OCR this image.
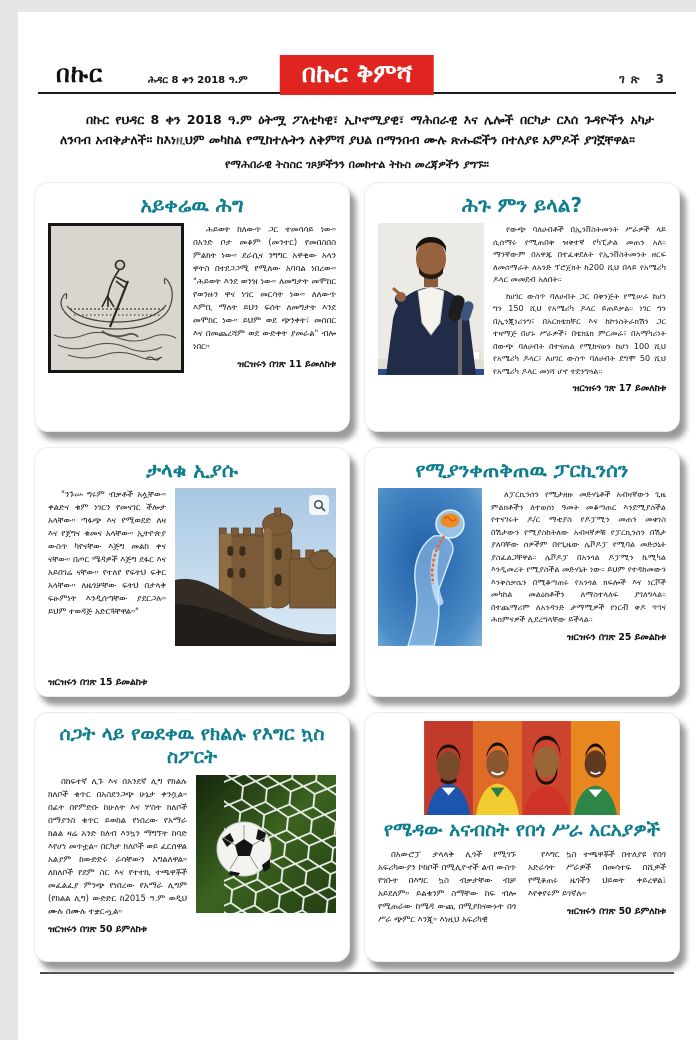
በኩር	ሕዳር 8 ቀን 2018 ዓ.ም	በኩር ቅምሻ	ገጽ 3

በኩር የህዳር 8 ቀን 2018 ዓ.ም ዕትሟ ፖለቲካዊ፣ ኢኮኖሚያዊ፣ ማሕበራዊ እና ሌሎች በርካታ ርእሰ ጉዳዮችን አካታ ለንባብ አብቅታለች። ከእነዚህም መካከል የሚከተሉትን ለቅምሻ ያህል በማንበብ ሙሉ ጽሑፎችን በተለያዩ አምዶች ያገኟቸዋል።

የማሕበራዊ ትስስር ገጾቻችንን በመከተል ትኩስ መረጃዎችን ያግኙ።

አይቀሬዉ ሕግ

ሕይወት ከለውጥ ጋር ተመሳሳይ ነው። በአንድ ቦታ መቆም (መንተር) የመበስበስ ምልክት ነው። ደራሲና ንግግር አዋቂው አላን ዋትስ በተደጋጋሚ የሚለው አባባል ነበረው። "ሕይወት እንደ ወንዝ ነው። ለመግታት መሞከር የወንዙን ዋና ነገር መርሳት ነው። ለለውጥ እምቢ ማለት ይህን ፍሰት ለመግታት እንደ መሞከር ነው። ይህም ወደ ጭንቀት፣ መሰበር እና በመጨረሻም ወደ ውድቀት ያመራል" ብሎ ነበር።

ዝርዝሩን በገጽ 11 ይመለከቱ
ሕጉ ምን ይላል?

የውጭ ባለሀብቶች በኢንቨስትመንት ሥራዎች ላይ ሲሰማሩ የሚጠበቅ ዝቅተኛ የካፒታል መጠን አለ። ማንኛውም በአዋጁ በተፈቀደለት የኢንቨስትመንት ዘርፍ ለመሰማራት ለአንድ ፕሮጀክት ከ200 ሺህ በላይ የአሜሪካ ዶላር መመደብ አለበት።

ከሀገር ውስጥ ባለሀብት ጋር በቅንጅት የሚሠራ ከሆነ ግን 150 ሺህ የአሜሪካ ዶላር ይጠይቃል። ነገር ግን በኢንጂነሪንግ፣ በአርክቴክቸር እና ከኮንስትራክሽን ጋር ተዛማጅ በሆኑ ሥራዎች፣ በቴክኒክ ምርመራ፣ በአማካሪነት በውጭ ባለሀብት በተናጠል የሚከናወን ከሆነ 100 ሺህ የአሜሪካ ዶላር፣ ለሀገር ውስጥ ባለሀብት ደግሞ 50 ሺህ የአሜሪካ ዶላር መነሻ ሆኖ ተደንግጓል።

ዝርዝሩን ገጽ 17 ይመለከቱ
ታላቁ ኢያሱ

"ንጉሡ ግሩም ብቃቶች አሏቸው። ቀልድና ቁም ነገርን የመናገር ችሎታ አላቸው። ጣፋጭ እና የሚወደድ ለዛ እና የጀግና ቁመና አላቸው። ኢትዮጵያ ውስጥ ካየናቸው እጅግ መልከ ቀና ናቸው። በጦር ሜዳዎች እጅግ ደፋር እና አይበገሬ ናቸው። የተለየ የፍትህ ፍቅር አላቸው። ለዜጎቻቸው ፍትህ በታላቅ ፍፁምነት እንዲሰጣቸው ያደርጋሉ። ይህም ተወዳጅ አድርጓቸዋል።"

ዝርዝሩን በገጽ 15 ይመልከቱ
የሚያንቀጠቅጠዉ ፓርኪንሰን

ለፓርኪንሰን የሚታዘዙ መድሃኒቶች አብዛኛውን ጊዜ ምልክቶችን ለተወሰነ ዓመት መቆጣጠር እንደሚያስችል የተናገሩት ዶ/ር ማቲያስ የዶፓሚን መጠን መቀነስ በሽታውን የሚያስከትለው አብዛኛዎቹ የፓርኪንሰን በሽታ ያለባቸው ሰዎችም በየጊዜው ሌቮዶፓ የሚባል መድኃኒት ያስፈልጋቸዋል። ሌቮዶፓ በአንጎል ዶፓሚን ኬሚካል እንዲመረት የሚያስችል መድሃኒት ነው። ይህም የተዳከመውን እንቅስቃሴን በሚቆጣጠሩ የአንጎል ክፍሎች እና ነርቮች መካከል መልዕክቶችን ለማስተላለፍ ያገለግላል። በተጨማሪም ለአንዳንድ ታማሚዎች የነርቭ ቀዶ ጥገና ሕክምናዎች ሊደረግላቸው ይችላል።

ዝርዝሩን በገጽ 25 ይመልከቱ
ሰጋት ላይ የወደቀዉ የክልሉ የእግር ኳስ ስፖርት

በከፍተኛ ሊጉ እና በአንደኛ ሊግ የክልሉ ክለቦች ቁጥር በአስደንጋጭ ሁኔታ ቀንሷል። በፊት በየምድቡ ከሁለት እና ሦስት ክለቦች በማያንስ ቁጥር ይወከል የነበረው የአማራ ክልል ዛሬ አንድ ክለብ እንኳን ማግኘት ከባድ እየሆነ መጥቷል። በርካታ ክለቦች ወይ ፈርሰዋል አልያም ከውድድሩ ራሳቸውን አግልለዋል። ለክለቦች የደም ስር እና የተተኪ ተጫዋቾች መፈልፈያ ምንጭ የነበረው የአማራ ሊግም (የክልል ሊግ) ውድድር ከ2015 ዓ.ም ወዲህ ሙሉ በሙሉ ተቋርጧል።

ዝርዝሩን በገጽ 50 ይምለከቱ
የሜዳው አናብስት የበጎ ሥራ አርአያዎች

በአውሮፓ ታላላቅ ሊጎች የሚገኙ አፍሪካውያን ኮከቦች በሚሊዮኖች ልብ ውስጥ የገቡት በእግር ኳስ ብቃታቸው ብቻ አይደለም። ይልቁንም ስማቸው ከፍ ብሎ የሚጠራው ከሜዳ ውጪ በሚያከናውኑት በጎ ሥራ ጭምር እንጂ። እነዚህ አፍሪካዊ

የእግር ኳስ ተጫዋቾች በተለያዩ የበጎ አድራጎት ሥራዎች በመሳተፍ በሺዎች የሚቆጠሩ ዜጎችን ህይወት ቀይረዋል፤ እየቀየሩም ይገኛሉ።

ዝርዝሩን በገጽ 50 ይምለከቱ
